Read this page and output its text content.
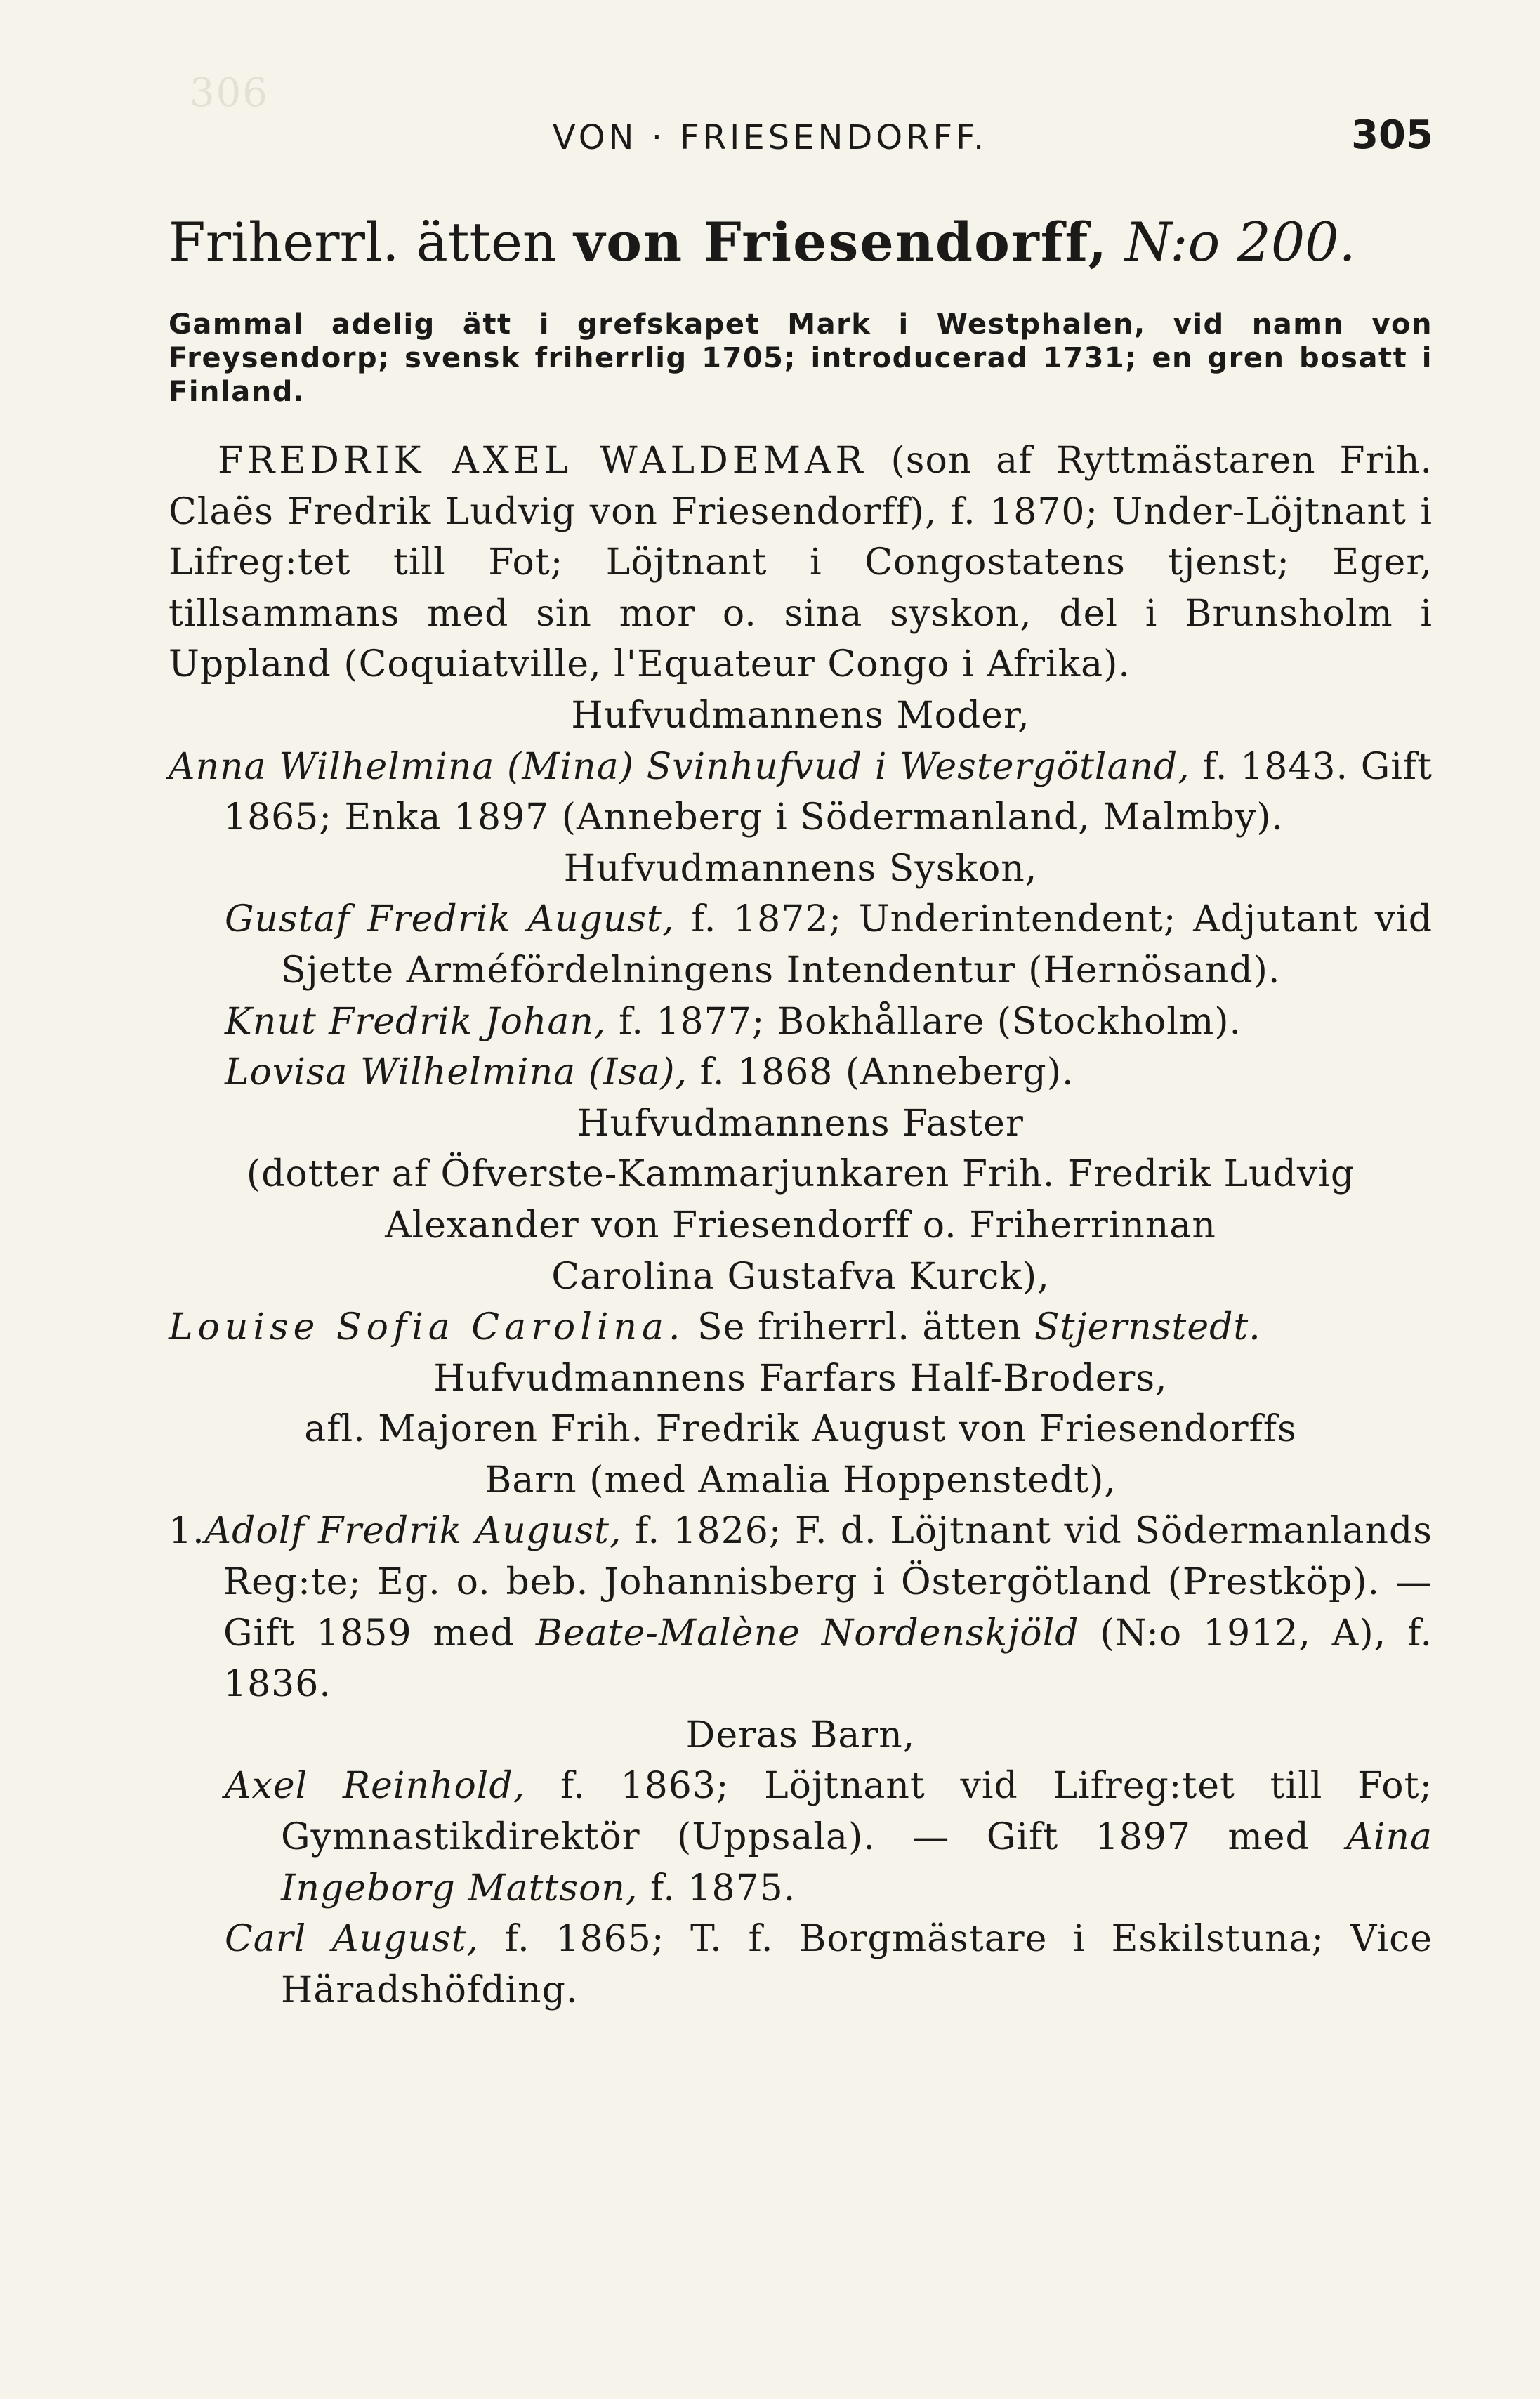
306
VON · FRIESENDORFF.	305
Friherrl. ätten von Friesendorff, N:o 200.
Gammal adelig ätt i grefskapet Mark i Westphalen, vid namn von Freysendorp; svensk friherrlig 1705; introducerad 1731; en gren bosatt i Finland.

FREDRIK AXEL WALDEMAR (son af Ryttmästaren Frih. Claës Fredrik Ludvig von Friesendorff), f. 1870; Under-Löjtnant i Lifreg:tet till Fot; Löjtnant i Congostatens tjenst; Eger, tillsammans med sin mor o. sina syskon, del i Brunsholm i Uppland (Coquiatville, l'Equateur Congo i Afrika).

Hufvudmannens Moder,

Anna Wilhelmina (Mina) Svinhufvud i Westergötland, f. 1843. Gift 1865; Enka 1897 (Anneberg i Södermanland, Malmby).

Hufvudmannens Syskon,

Gustaf Fredrik August, f. 1872; Underintendent; Adjutant vid Sjette Arméfördelningens Intendentur (Hernösand).

Knut Fredrik Johan, f. 1877; Bokhållare (Stockholm).

Lovisa Wilhelmina (Isa), f. 1868 (Anneberg).

Hufvudmannens Faster

(dotter af Öfverste-Kammarjunkaren Frih. Fredrik Ludvig

Alexander von Friesendorff o. Friherrinnan

Carolina Gustafva Kurck),

Louise Sofia Carolina. Se friherrl. ätten Stjernstedt.

Hufvudmannens Farfars Half-Broders,

afl. Majoren Frih. Fredrik August von Friesendorffs

Barn (med Amalia Hoppenstedt),

1.Adolf Fredrik August, f. 1826; F. d. Löjtnant vid Södermanlands Reg:te; Eg. o. beb. Johannisberg i Östergötland (Prestköp). — Gift 1859 med Beate-Malène Nordenskjöld (N:o 1912, A), f. 1836.

Deras Barn,

Axel Reinhold, f. 1863; Löjtnant vid Lifreg:tet till Fot; Gymnastikdirektör (Uppsala). — Gift 1897 med Aina Ingeborg Mattson, f. 1875.

Carl August, f. 1865; T. f. Borgmästare i Eskilstuna; Vice Häradshöfding.
